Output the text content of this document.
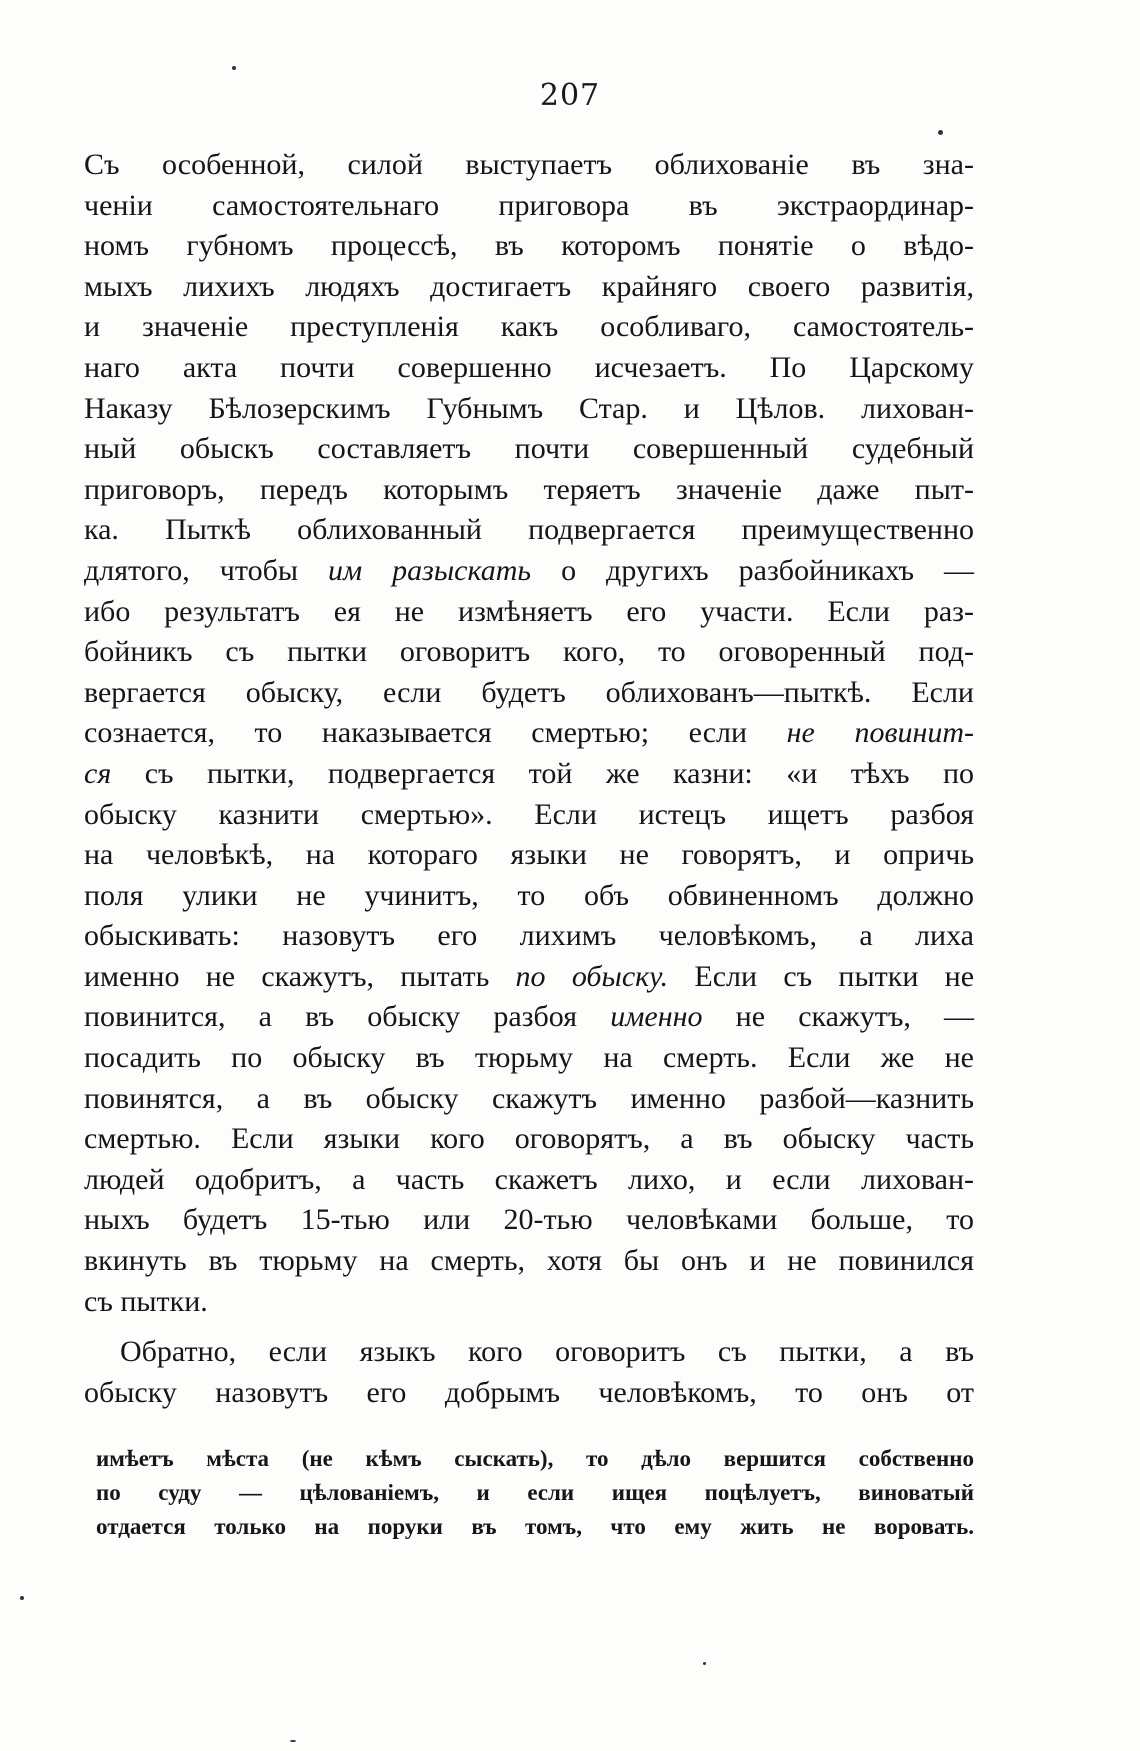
207
Съ особенной, силой выступаетъ облихованіе въ зна-
ченіи самостоятельнаго приговора въ экстраординар-
номъ губномъ процессѣ, въ которомъ понятіе о вѣдо-
мыхъ лихихъ людяхъ достигаетъ крайняго своего развитія,
и значеніе преступленія какъ особливаго, самостоятель-
наго акта почти совершенно исчезаетъ. По Царскому
Наказу Бѣлозерскимъ Губнымъ Стар. и Цѣлов. лихован-
ный обыскъ составляетъ почти совершенный судебный
приговоръ, передъ которымъ теряетъ значеніе даже пыт-
ка. Пыткѣ облихованный подвергается преимущественно
длятого, чтобы им разыскать о другихъ разбойникахъ —
ибо результатъ ея не измѣняетъ его участи. Если раз-
бойникъ съ пытки оговоритъ кого, то оговоренный под-
вергается обыску, если будетъ облихованъ—пыткѣ. Если
сознается, то наказывается смертью; если не повинит-
ся съ пытки, подвергается той же казни: «и тѣхъ по
обыску казнити смертью». Если истецъ ищетъ разбоя
на человѣкѣ, на котораго языки не говорятъ, и опричь
поля улики не учинитъ, то объ обвиненномъ должно
обыскивать: назовутъ его лихимъ человѣкомъ, а лиха
именно не скажутъ, пытать по обыску. Если съ пытки не
повинится, а въ обыску разбоя именно не скажутъ, —
посадить по обыску въ тюрьму на смерть. Если же не
повинятся, а въ обыску скажутъ именно разбой—казнить
смертью. Если языки кого оговорятъ, а въ обыску часть
людей одобритъ, а часть скажетъ лихо, и если лихован-
ныхъ будетъ 15-тью или 20-тью человѣками больше, то
вкинуть въ тюрьму на смерть, хотя бы онъ и не повинился
съ пытки.
Обратно, если языкъ кого оговоритъ съ пытки, а въ
обыску назовутъ его добрымъ человѣкомъ, то онъ от
имѣетъ мѣста (не кѣмъ сыскать), то дѣло вершится собственно
по суду — цѣлованіемъ, и если ищея поцѣлуетъ, виноватый
отдается только на поруки въ томъ, что ему жить не воровать.
